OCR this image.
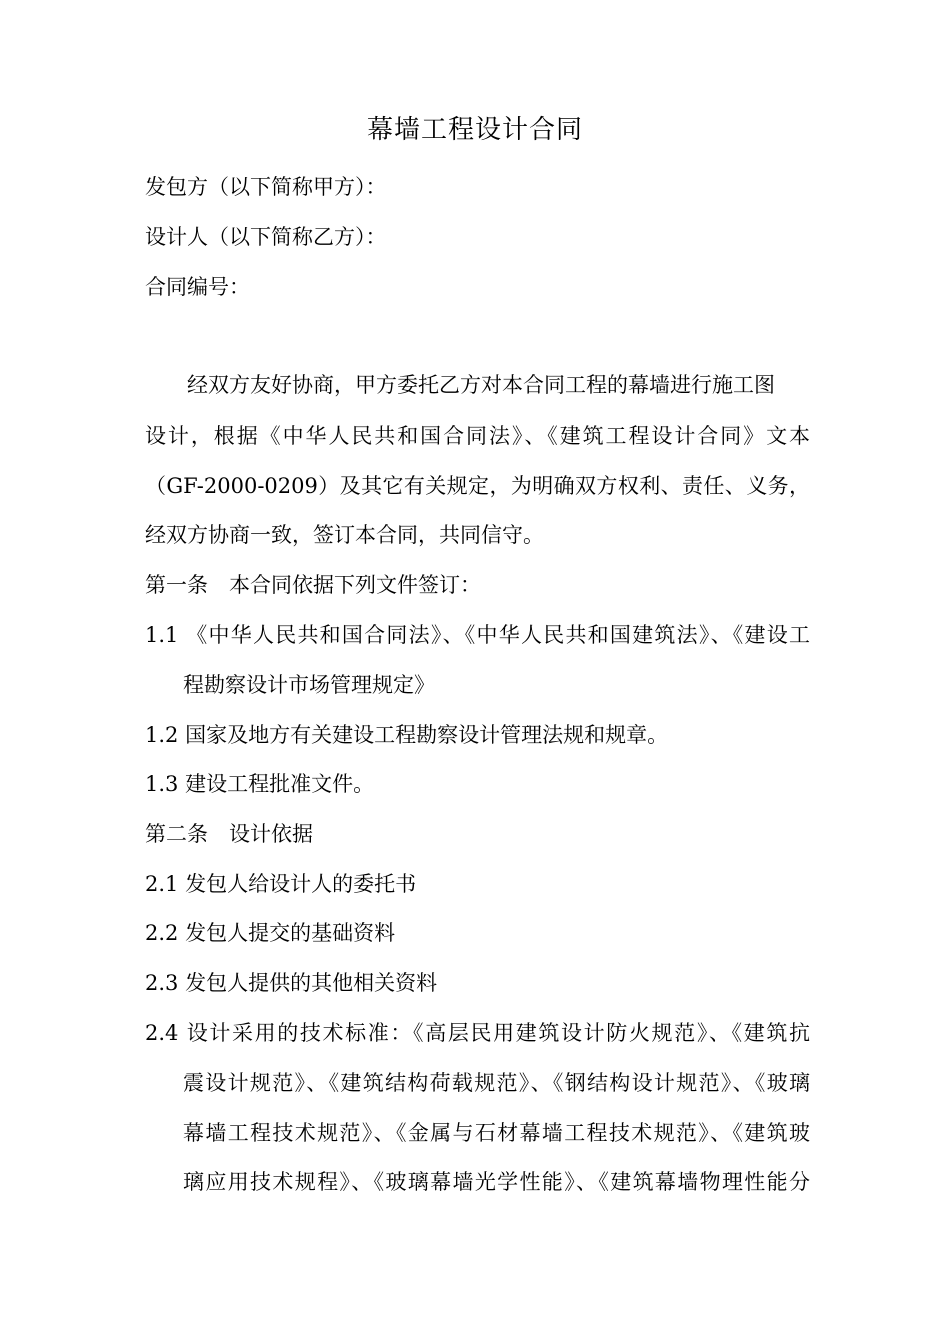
幕墙工程设计合同
发包方（以下简称甲方）：
设计人（以下简称乙方）：
合同编号：
经双方友好协商，甲方委托乙方对本合同工程的幕墙进行施工图
设计，根据《中华人民共和国合同法》、《建筑工程设计合同》文本
（GF-2000-0209）及其它有关规定，为明确双方权利、责任、义务，
经双方协商一致，签订本合同，共同信守。
第一条　本合同依据下列文件签订：
1.1 《中华人民共和国合同法》、《中华人民共和国建筑法》、《建设工
程勘察设计市场管理规定》
1.2 国家及地方有关建设工程勘察设计管理法规和规章。
1.3 建设工程批准文件。
第二条　设计依据
2.1 发包人给设计人的委托书
2.2 发包人提交的基础资料
2.3 发包人提供的其他相关资料
2.4 设计采用的技术标准：《高层民用建筑设计防火规范》、《建筑抗
震设计规范》、《建筑结构荷载规范》、《钢结构设计规范》、《玻璃
幕墙工程技术规范》、《金属与石材幕墙工程技术规范》、《建筑玻
璃应用技术规程》、《玻璃幕墙光学性能》、《建筑幕墙物理性能分
